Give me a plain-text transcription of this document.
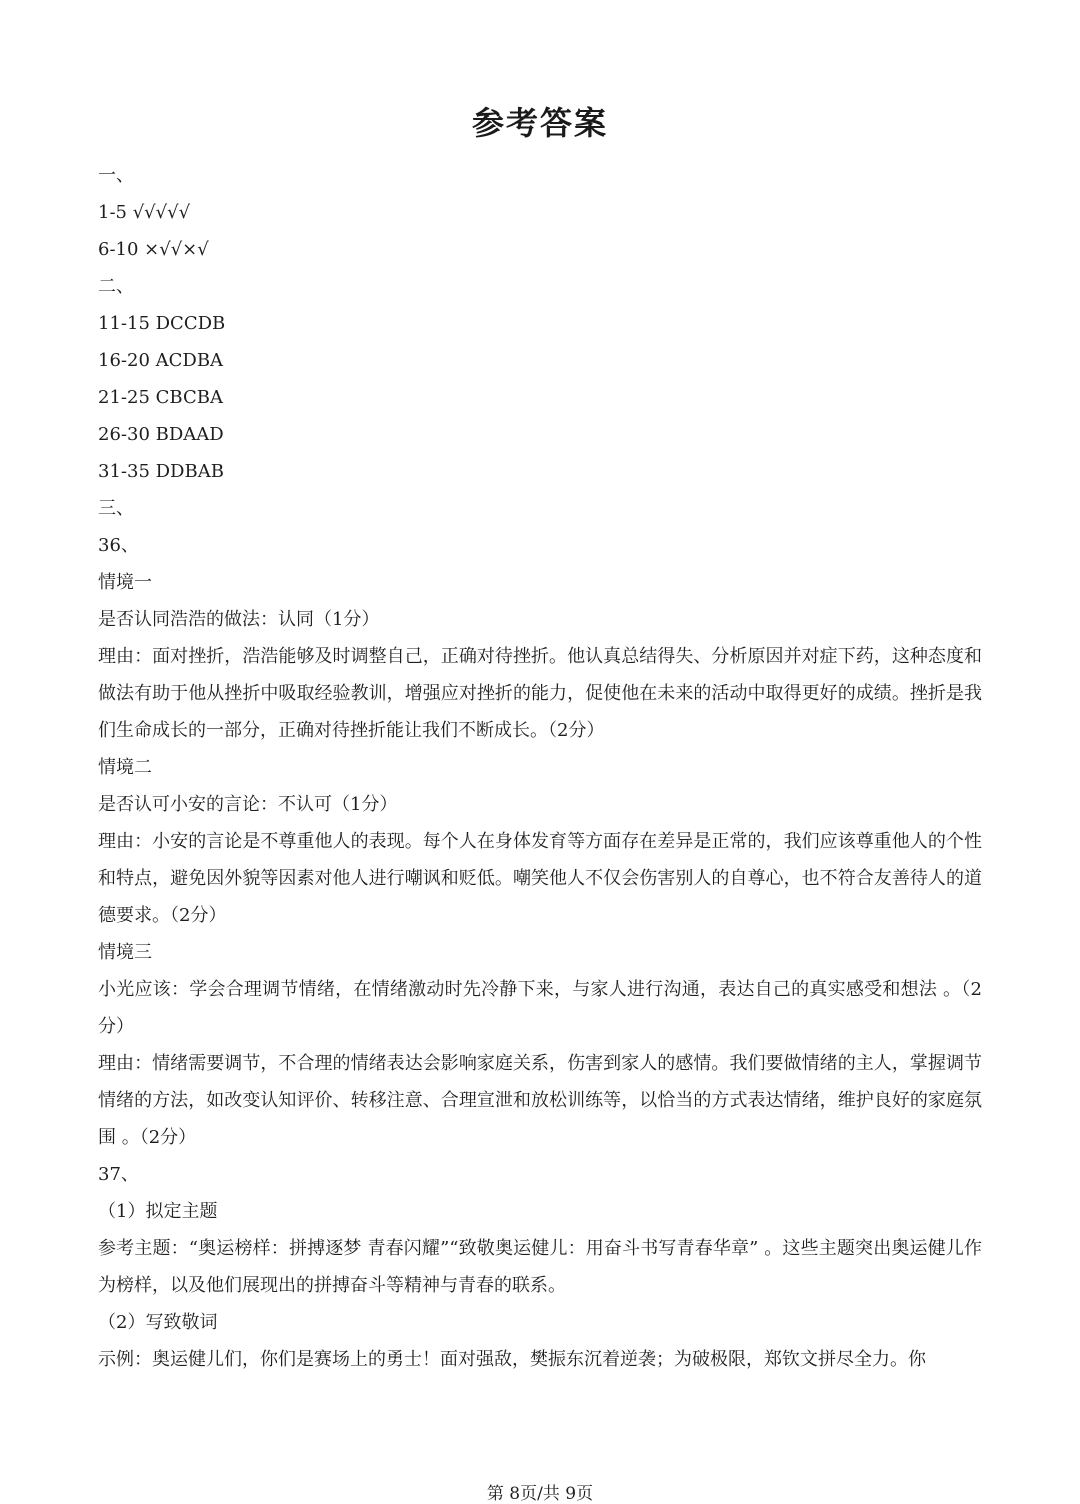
参考答案

一、

1-5 √√√√√

6-10 ×√√×√

二、

11-15 DCCDB

16-20 ACDBA

21-25 CBCBA

26-30 BDAAD

31-35 DDBAB

三、

36、

情境一

是否认同浩浩的做法：认同（1分）

理由：面对挫折，浩浩能够及时调整自己，正确对待挫折。他认真总结得失、分析原因并对症下药，这种态度和做法有助于他从挫折中吸取经验教训，增强应对挫折的能力，促使他在未来的活动中取得更好的成绩。挫折是我们生命成长的一部分，正确对待挫折能让我们不断成长。（2分）

情境二

是否认可小安的言论：不认可（1分）

理由：小安的言论是不尊重他人的表现。每个人在身体发育等方面存在差异是正常的，我们应该尊重他人的个性和特点，避免因外貌等因素对他人进行嘲讽和贬低。嘲笑他人不仅会伤害别人的自尊心，也不符合友善待人的道德要求。（2分）

情境三

小光应该：学会合理调节情绪，在情绪激动时先冷静下来，与家人进行沟通，表达自己的真实感受和想法 。（2分）

理由：情绪需要调节，不合理的情绪表达会影响家庭关系，伤害到家人的感情。我们要做情绪的主人，掌握调节情绪的方法，如改变认知评价、转移注意、合理宣泄和放松训练等，以恰当的方式表达情绪，维护良好的家庭氛围 。（2分）

37、

（1）拟定主题

参考主题：“奥运榜样：拼搏逐梦 青春闪耀”“致敬奥运健儿：用奋斗书写青春华章” 。这些主题突出奥运健儿作为榜样，以及他们展现出的拼搏奋斗等精神与青春的联系。

（2）写致敬词

示例：奥运健儿们，你们是赛场上的勇士！面对强敌，樊振东沉着逆袭；为破极限，郑钦文拼尽全力。你

第 8页/共 9页
